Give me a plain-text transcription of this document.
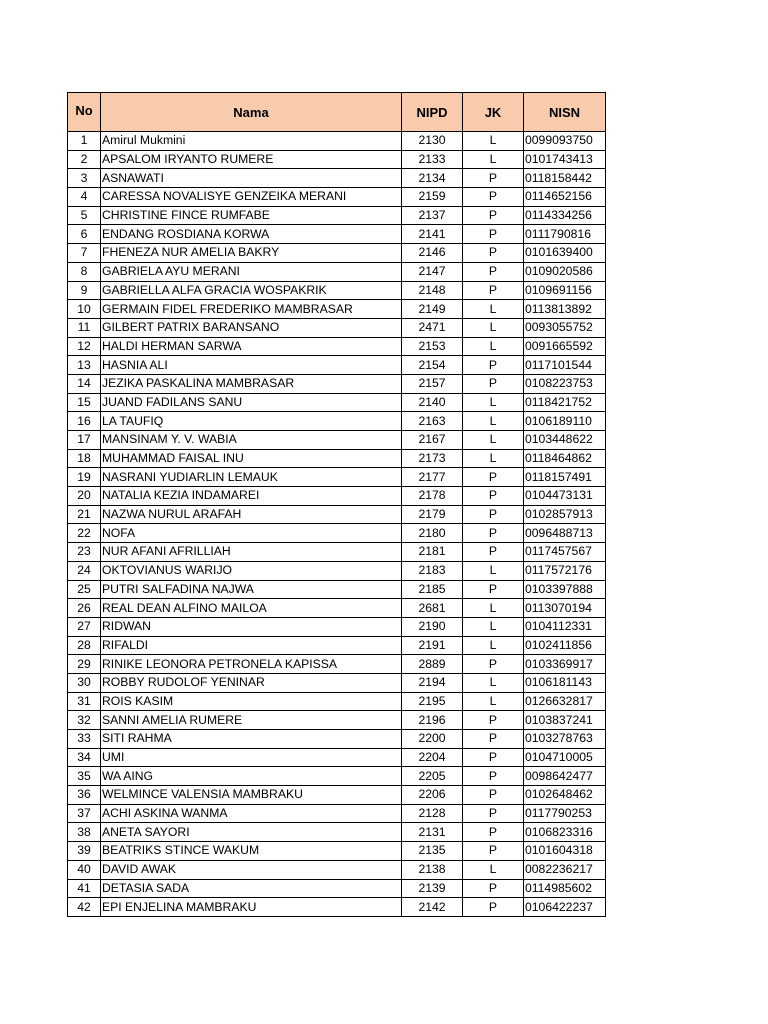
No	Nama	NIPD	JK	NISN
1	Amirul Mukmini	2130	L	0099093750
2	APSALOM IRYANTO RUMERE	2133	L	0101743413
3	ASNAWATI	2134	P	0118158442
4	CARESSA NOVALISYE GENZEIKA MERANI	2159	P	0114652156
5	CHRISTINE FINCE RUMFABE	2137	P	0114334256
6	ENDANG ROSDIANA KORWA	2141	P	0111790816
7	FHENEZA NUR AMELIA BAKRY	2146	P	0101639400
8	GABRIELA AYU MERANI	2147	P	0109020586
9	GABRIELLA ALFA GRACIA WOSPAKRIK	2148	P	0109691156
10	GERMAIN FIDEL FREDERIKO MAMBRASAR	2149	L	0113813892
11	GILBERT PATRIX BARANSANO	2471	L	0093055752
12	HALDI HERMAN SARWA	2153	L	0091665592
13	HASNIA ALI	2154	P	0117101544
14	JEZIKA PASKALINA MAMBRASAR	2157	P	0108223753
15	JUAND FADILANS SANU	2140	L	0118421752
16	LA TAUFIQ	2163	L	0106189110
17	MANSINAM Y. V. WABIA	2167	L	0103448622
18	MUHAMMAD FAISAL INU	2173	L	0118464862
19	NASRANI YUDIARLIN LEMAUK	2177	P	0118157491
20	NATALIA KEZIA INDAMAREI	2178	P	0104473131
21	NAZWA NURUL ARAFAH	2179	P	0102857913
22	NOFA	2180	P	0096488713
23	NUR AFANI AFRILLIAH	2181	P	0117457567
24	OKTOVIANUS WARIJO	2183	L	0117572176
25	PUTRI SALFADINA NAJWA	2185	P	0103397888
26	REAL DEAN ALFINO MAILOA	2681	L	0113070194
27	RIDWAN	2190	L	0104112331
28	RIFALDI	2191	L	0102411856
29	RINIKE LEONORA PETRONELA KAPISSA	2889	P	0103369917
30	ROBBY RUDOLOF YENINAR	2194	L	0106181143
31	ROIS KASIM	2195	L	0126632817
32	SANNI AMELIA RUMERE	2196	P	0103837241
33	SITI RAHMA	2200	P	0103278763
34	UMI	2204	P	0104710005
35	WA AING	2205	P	0098642477
36	WELMINCE VALENSIA MAMBRAKU	2206	P	0102648462
37	ACHI ASKINA WANMA	2128	P	0117790253
38	ANETA SAYORI	2131	P	0106823316
39	BEATRIKS STINCE WAKUM	2135	P	0101604318
40	DAVID AWAK	2138	L	0082236217
41	DETASIA SADA	2139	P	0114985602
42	EPI ENJELINA MAMBRAKU	2142	P	0106422237
